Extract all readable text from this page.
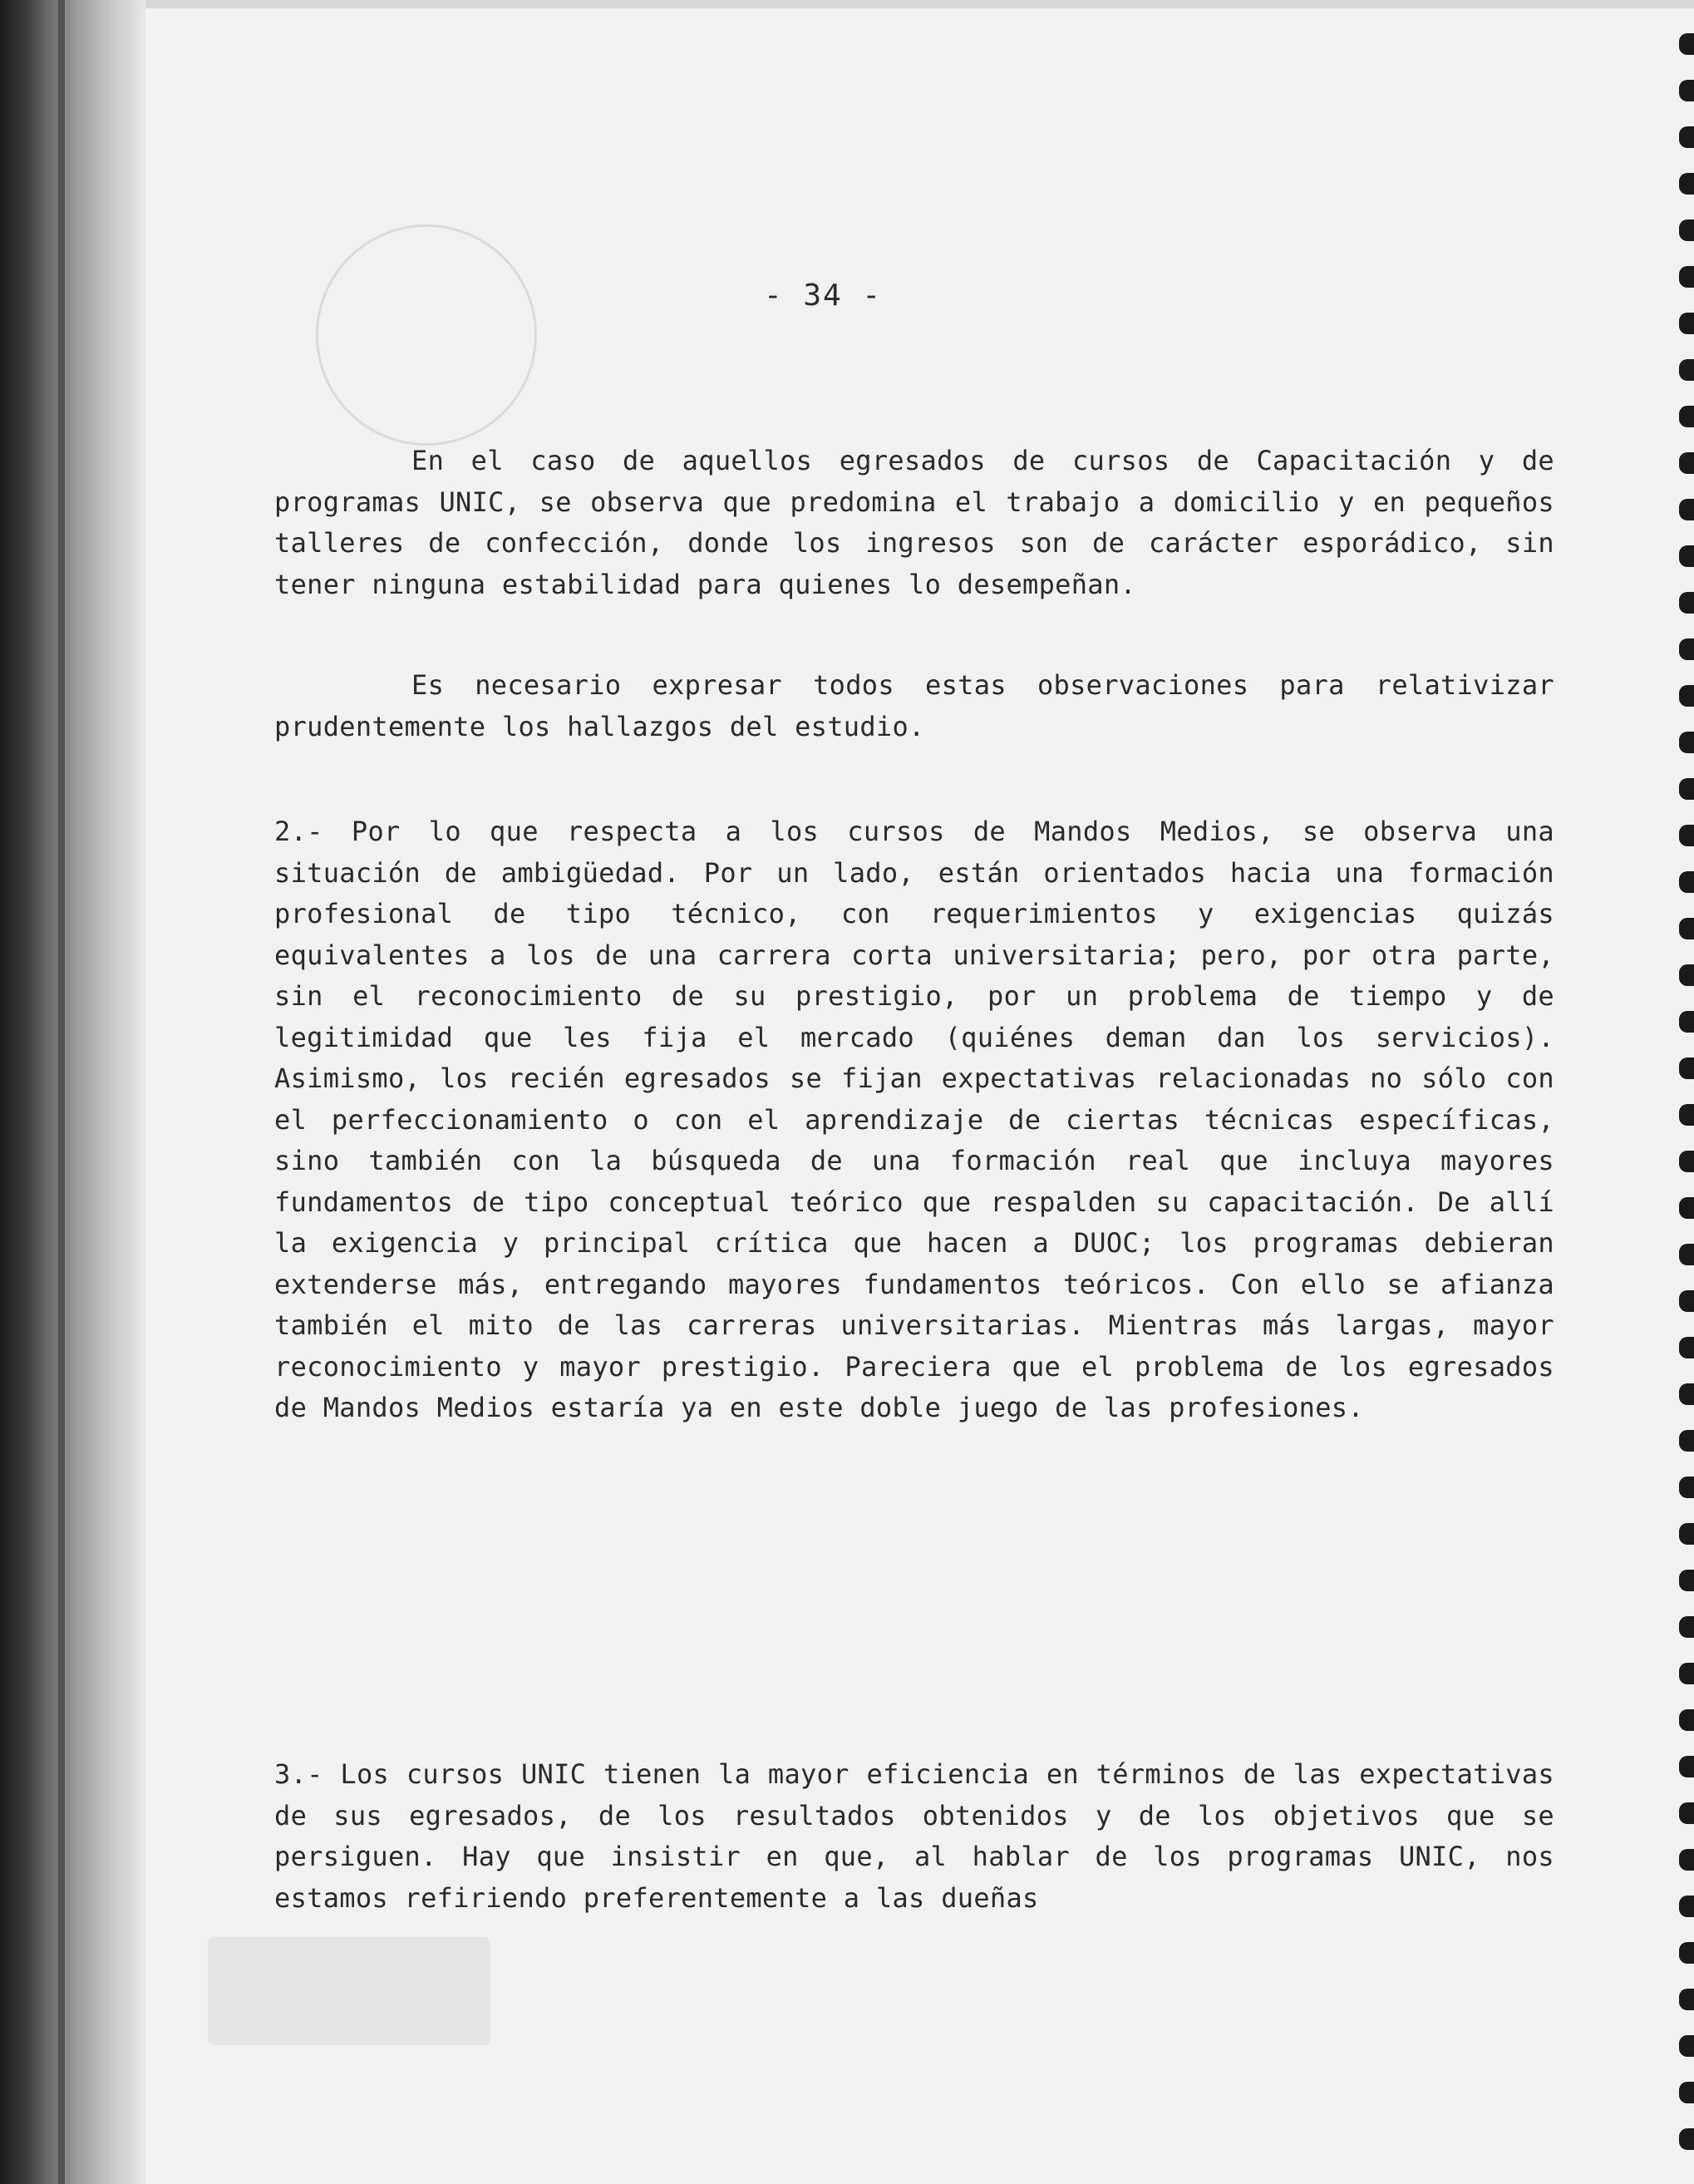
- 34 -

En el caso de aquellos egresados de cursos de Capacitación y de programas UNIC, se observa que predomina el trabajo a domicilio y en pequeños talleres de confección, donde los ingresos son de carácter esporádico, sin tener ninguna estabilidad para quienes lo desempeñan.

Es necesario expresar todos estas observaciones para relativizar prudentemente los hallazgos del estudio.

2.- Por lo que respecta a los cursos de Mandos Medios, se observa una situación de ambigüedad. Por un lado, están orientados hacia una formación profesional de tipo técnico, con requerimientos y exigencias quizás equivalentes a los de una carrera corta universitaria; pero, por otra parte, sin el reconocimiento de su prestigio, por un problema de tiempo y de legitimidad que les fija el mercado (quiénes deman dan los servicios). Asimismo, los recién egresados se fijan expectativas relacionadas no sólo con el perfeccionamiento o con el aprendizaje de ciertas técnicas específicas, sino también con la búsqueda de una formación real que incluya mayores fundamentos de tipo conceptual teórico que respalden su capacitación. De allí la exigencia y principal crítica que hacen a DUOC; los programas debieran extenderse más, entregando mayores fundamentos teóricos. Con ello se afianza también el mito de las carreras universitarias. Mientras más largas, mayor reconocimiento y mayor prestigio. Pareciera que el problema de los egresados de Mandos Medios estaría ya en este doble juego de las profesiones.

3.- Los cursos UNIC tienen la mayor eficiencia en términos de las expectativas de sus egresados, de los resultados obtenidos y de los objetivos que se persiguen. Hay que insistir en que, al hablar de los programas UNIC, nos estamos refiriendo preferentemente a las dueñas
